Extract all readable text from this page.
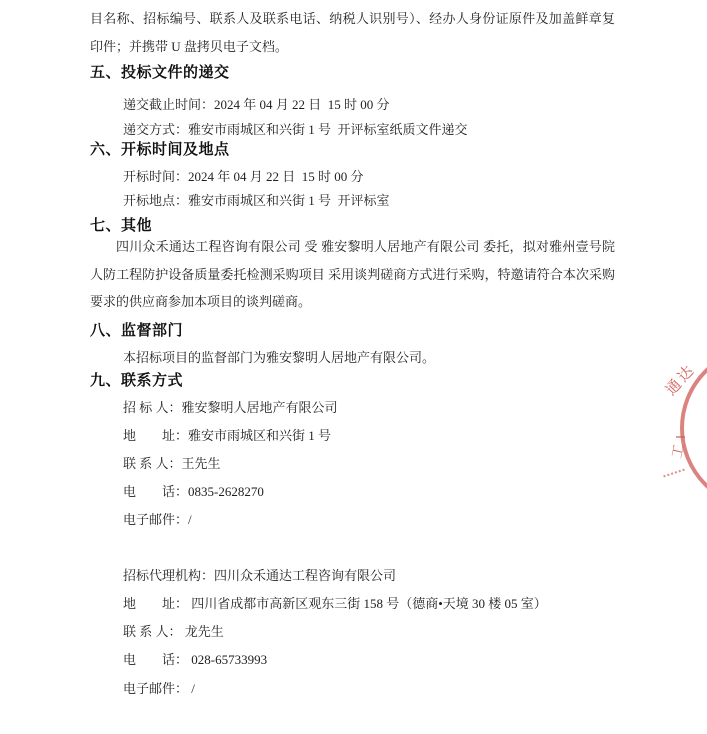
目名称、招标编号、联系人及联系电话、纳税人识别号）、经办人身份证原件及加盖鲜章复印件；并携带 U 盘拷贝电子文档。
五、投标文件的递交
递交截止时间：2024 年 04 月 22 日  15 时 00 分
递交方式：雅安市雨城区和兴街 1 号  开评标室纸质文件递交
六、开标时间及地点
开标时间：2024 年 04 月 22 日  15 时 00 分
开标地点：雅安市雨城区和兴街 1 号  开评标室
七、其他
四川众禾通达工程咨询有限公司 受 雅安黎明人居地产有限公司 委托，拟对雅州壹号院人防工程防护设备质量委托检测采购项目 采用谈判磋商方式进行采购，特邀请符合本次采购要求的供应商参加本项目的谈判磋商。
八、监督部门
本招标项目的监督部门为雅安黎明人居地产有限公司。
九、联系方式
招 标 人：雅安黎明人居地产有限公司
地　　址：雅安市雨城区和兴街 1 号
联 系 人：王先生
电　　话：0835-2628270
电子邮件：/
招标代理机构：四川众禾通达工程咨询有限公司
地　　址： 四川省成都市高新区观东三街 158 号（德商•天境 30 楼 05 室）
联 系 人： 龙先生
电　　话： 028-65733993
电子邮件： /
通达
工
